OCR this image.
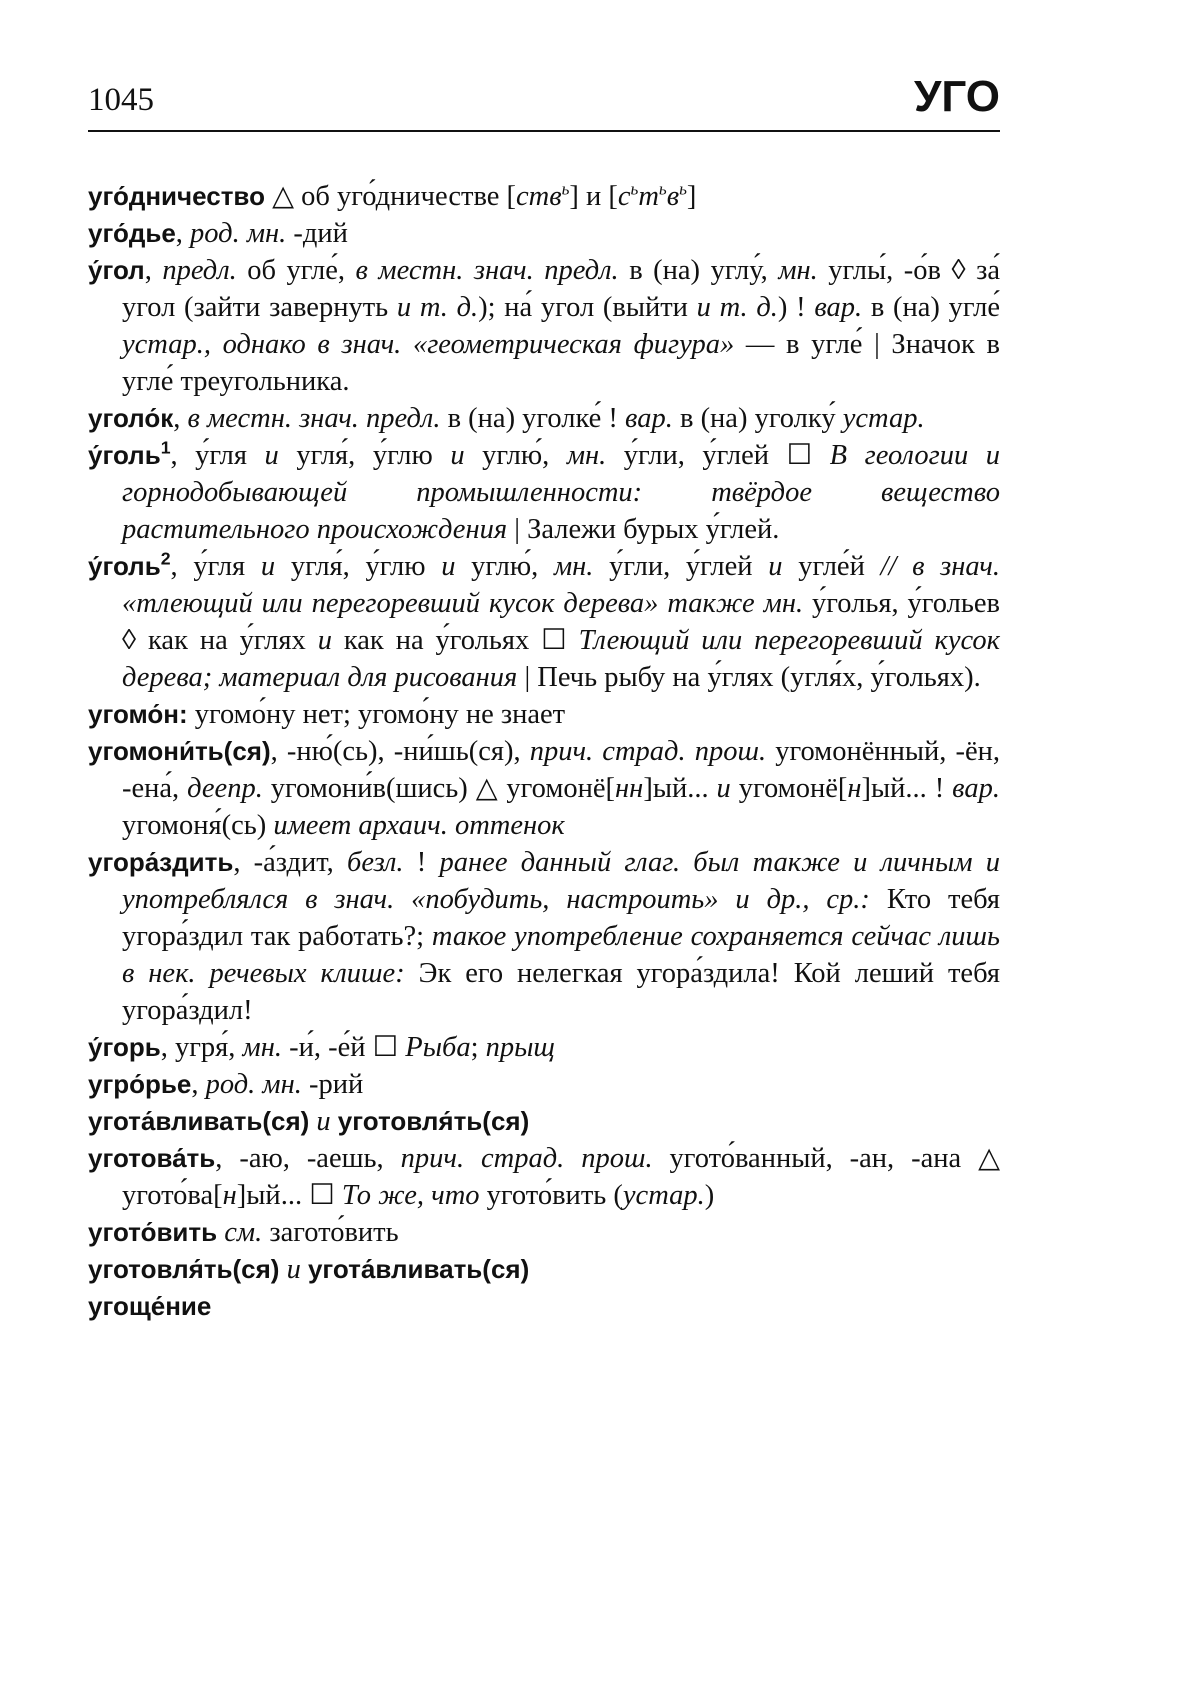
1045	УГО

уго́дничество △ об уго́дничестве [ств$^ь$] и $[с^ьт^ьв^ь]$

уго́дье, род. мн. -дий

у́гол, предл. об угле́, в местн. знач. предл. в (на) углу́, мн. углы́, -о́в ◊ за́ угол (зайти завернуть и т. д.); на́ угол (выйти и т. д.) ! вар. в (на) угле́ устар., однако в знач. «геометрическая фигура» — в угле́ | Значок в угле́ треугольника.

уголо́к, в местн. знач. предл. в (на) уголке́ ! вар. в (на) уголку́ устар.

у́голь$^1$, у́гля и угля́, у́глю и углю́, мн. у́гли, у́глей ☐ В геологии и горнодобывающей промышленности: твёрдое вещество растительного происхождения | Залежи бурых у́глей.

у́голь$^2$, у́гля и угля́, у́глю и углю́, мн. у́гли, у́глей и угле́й // в знач. «тлеющий или перегоревший кусок дерева» также мн. у́голья, у́гольев ◊ как на у́глях и как на у́гольях ☐ Тлеющий или перегоревший кусок дерева; материал для рисования | Печь рыбу на у́глях (угля́х, у́гольях).

угомо́н: угомо́ну нет; угомо́ну не знает

угомони́ть(ся), -ню́(сь), -ни́шь(ся), прич. страд. прош. угомонённый, -ён, -ена́, деепр. угомони́в(шись) △ угомонё[нн]ый... и угомонё[н]ый... ! вар. угомоня́(сь) имеет архаич. оттенок

угора́здить, -а́здит, безл. ! ранее данный глаг. был также и личным и употреблялся в знач. «побудить, настроить» и др., ср.: Кто тебя угора́здил так работать?; такое употребление сохраняется сейчас лишь в нек. речевых клише: Эк его нелегкая угора́здила! Кой леший тебя угора́здил!

у́горь, угря́, мн. -и́, -е́й ☐ Рыба; прыщ

угро́рье, род. мн. -рий

угота́вливать(ся) и уготовля́ть(ся)

уготова́ть, -аю, -аешь, прич. страд. прош. угото́ванный, -ан, -ана △ угото́ва[н]ый... ☐ То же, что угото́вить (устар.)

угото́вить см. загото́вить

уготовля́ть(ся) и угота́вливать(ся)

угоще́ние
